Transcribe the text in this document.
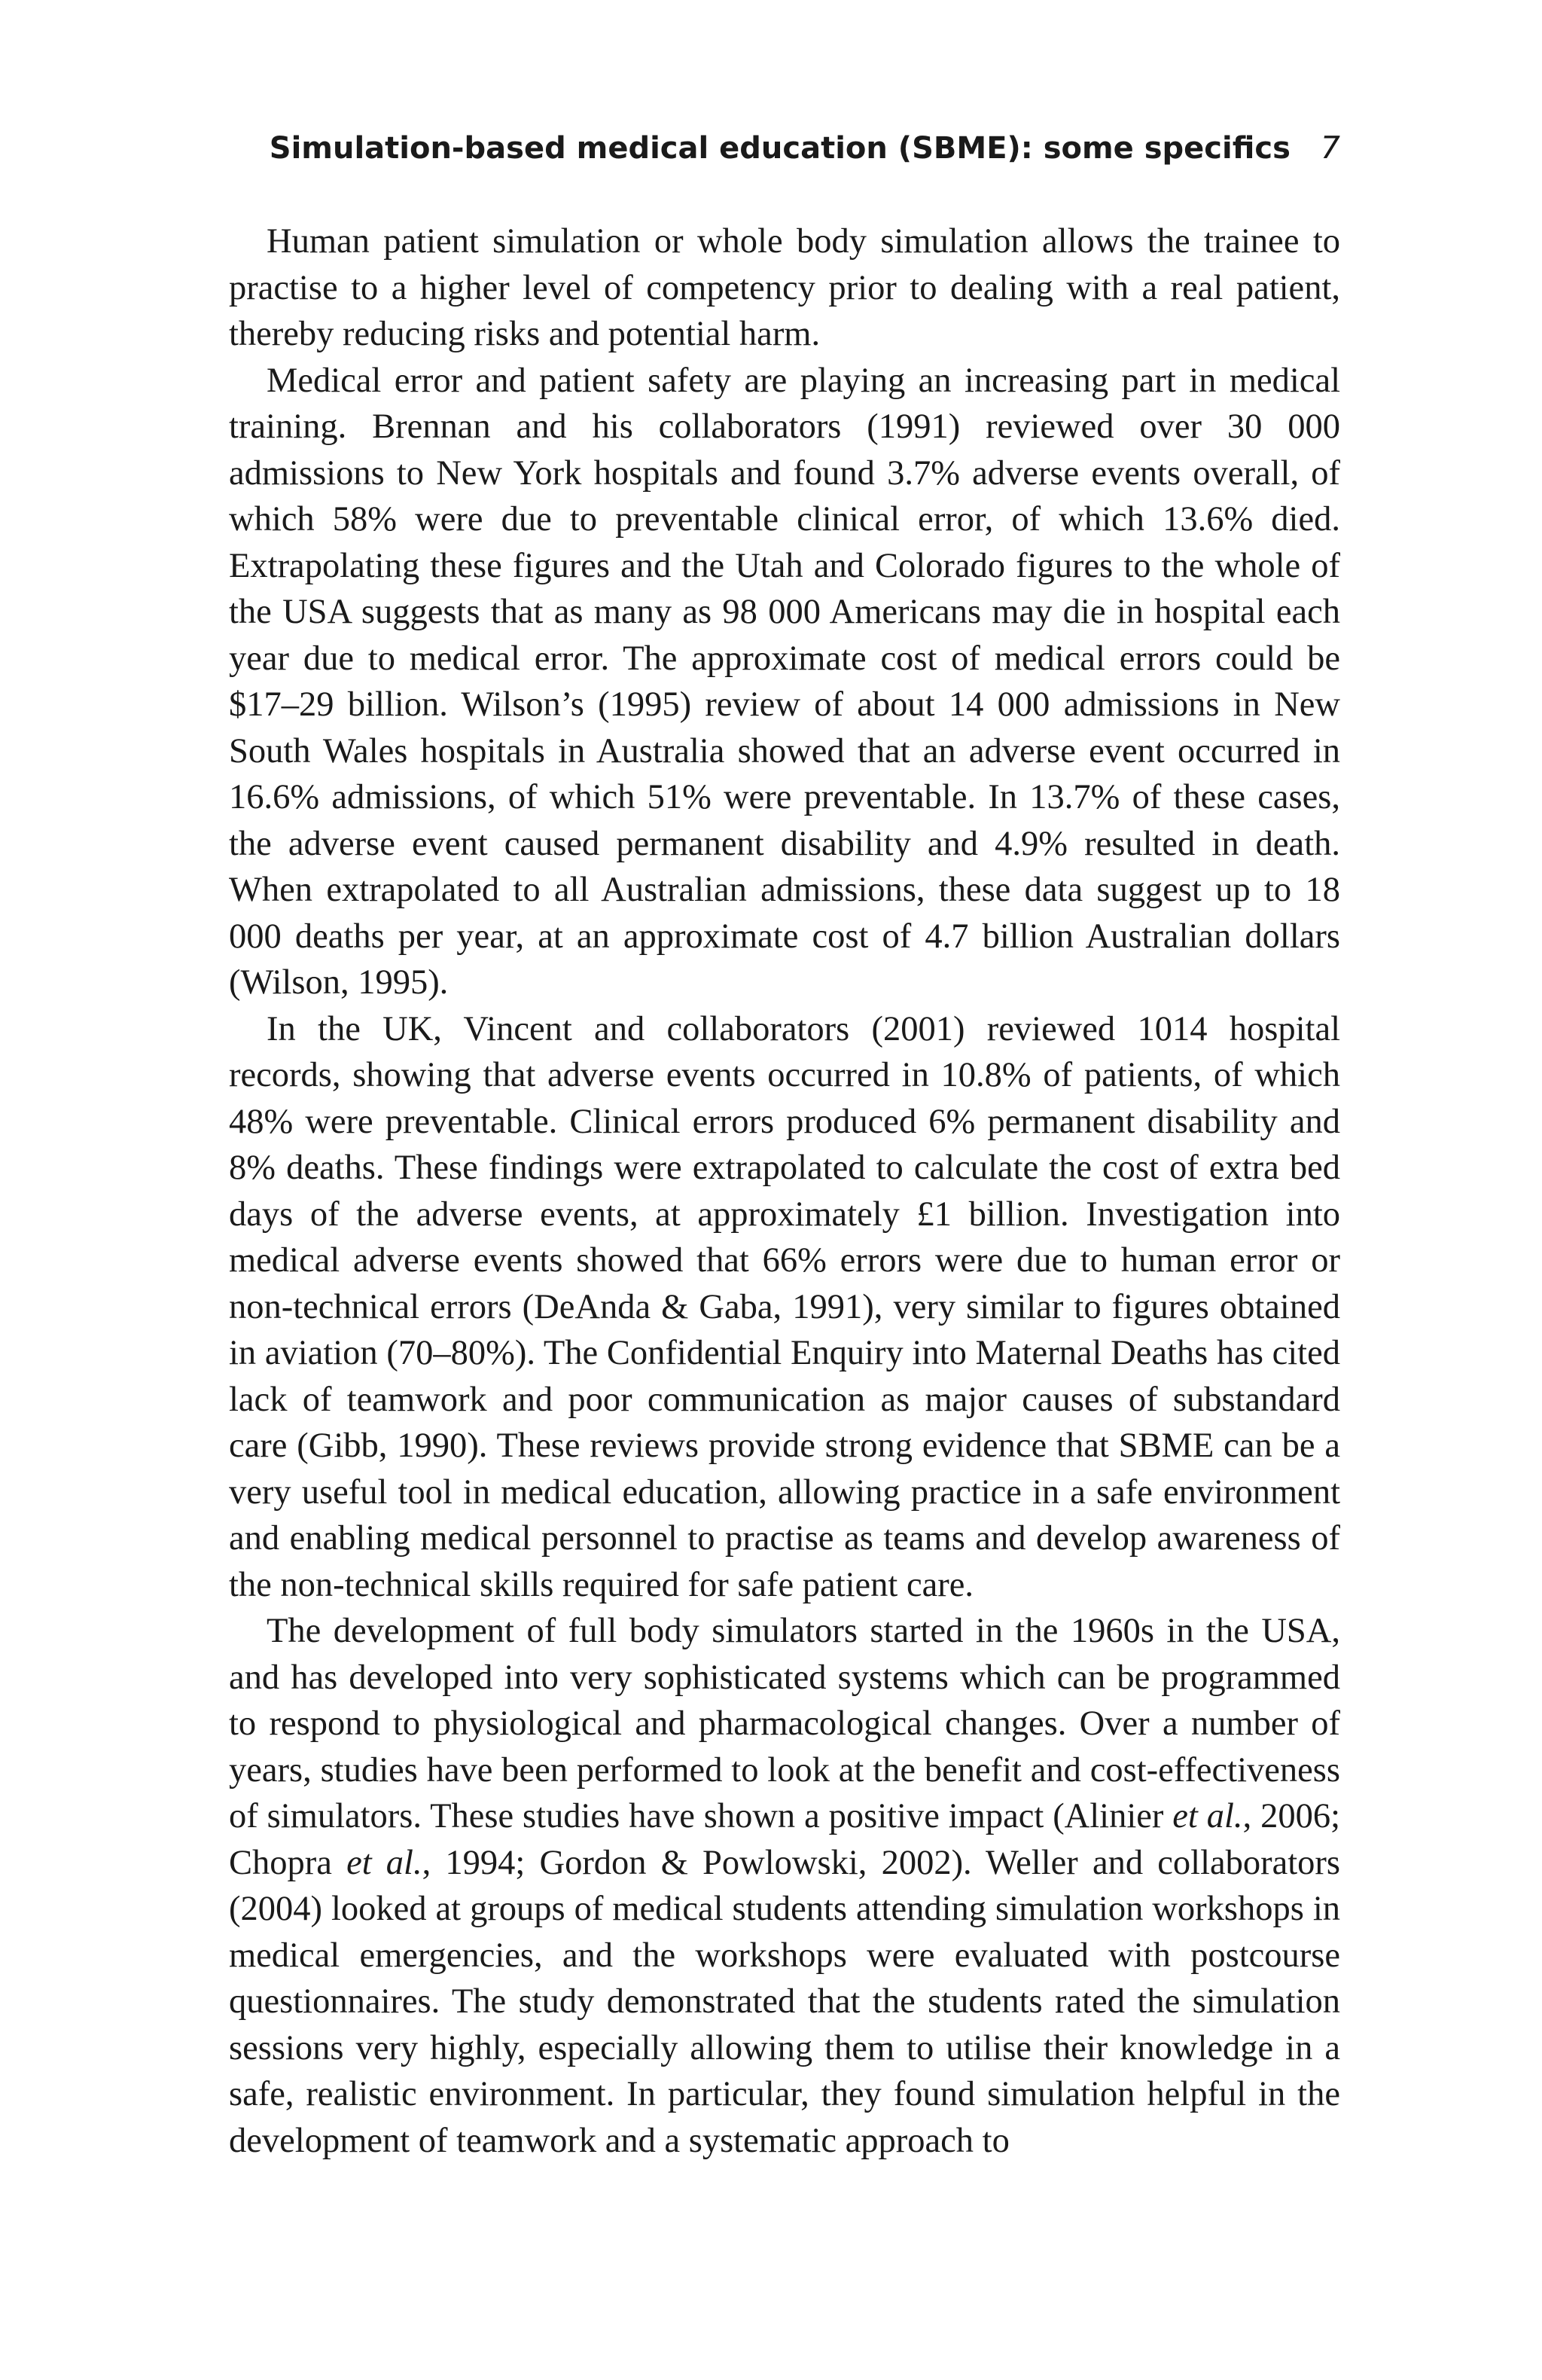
Simulation-based medical education (SBME): some specifics 7

Human patient simulation or whole body simulation allows the trainee to practise to a higher level of competency prior to dealing with a real patient, thereby reducing risks and potential harm.

Medical error and patient safety are playing an increasing part in medical training. Brennan and his collaborators (1991) reviewed over 30 000 admissions to New York hospitals and found 3.7% adverse events overall, of which 58% were due to preventable clinical error, of which 13.6% died. Extrapolating these figures and the Utah and Colorado figures to the whole of the USA suggests that as many as 98 000 Americans may die in hospital each year due to medical error. The approximate cost of medical errors could be $17–29 billion. Wilson’s (1995) review of about 14 000 admissions in New South Wales hospitals in Australia showed that an adverse event occurred in 16.6% admissions, of which 51% were preventable. In 13.7% of these cases, the adverse event caused permanent disability and 4.9% resulted in death. When extrapolated to all Australian admissions, these data suggest up to 18 000 deaths per year, at an approximate cost of 4.7 billion Australian dollars (Wilson, 1995).

In the UK, Vincent and collaborators (2001) reviewed 1014 hospital records, showing that adverse events occurred in 10.8% of patients, of which 48% were preventable. Clinical errors produced 6% permanent disability and 8% deaths. These findings were extrapolated to calculate the cost of extra bed days of the adverse events, at approximately £1 billion. Investigation into medical adverse events showed that 66% errors were due to human error or non-technical errors (DeAnda & Gaba, 1991), very similar to figures obtained in aviation (70–80%). The Confidential Enquiry into Maternal Deaths has cited lack of teamwork and poor communication as major causes of substandard care (Gibb, 1990). These reviews provide strong evidence that SBME can be a very useful tool in medical education, allowing practice in a safe environment and enabling medical personnel to practise as teams and develop awareness of the non-technical skills required for safe patient care.

The development of full body simulators started in the 1960s in the USA, and has developed into very sophisticated systems which can be programmed to respond to physiological and pharmacological changes. Over a number of years, studies have been performed to look at the benefit and cost-effectiveness of simulators. These studies have shown a positive impact (Alinier et al., 2006; Chopra et al., 1994; Gordon & Powlowski, 2002). Weller and collaborators (2004) looked at groups of medical students attending simulation workshops in medical emergencies, and the workshops were evaluated with postcourse questionnaires. The study demonstrated that the students rated the simulation sessions very highly, especially allowing them to utilise their knowledge in a safe, realistic environment. In particular, they found simulation helpful in the development of teamwork and a systematic approach to
